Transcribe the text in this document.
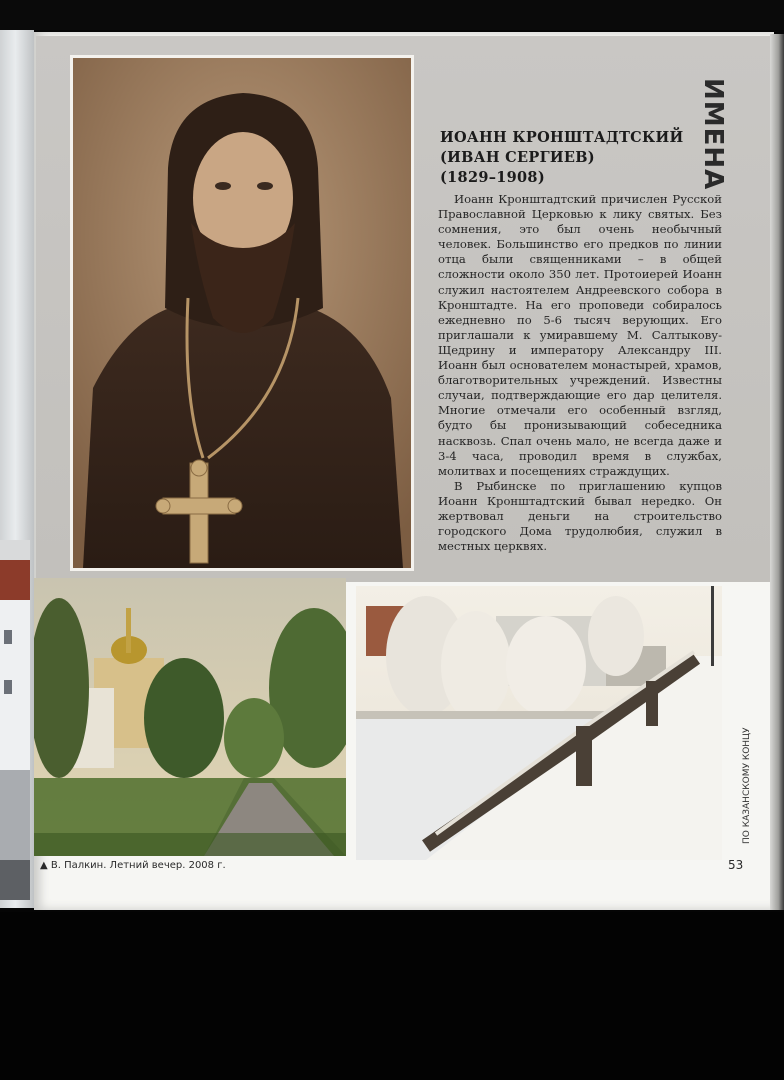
ИМЕНА
ИОАНН КРОНШТАДТСКИЙ
(ИВАН СЕРГИЕВ)
(1829–1908)

Иоанн Кронштадтский причислен Русской Православной Церковью к лику святых. Без сомнения, это был очень необычный человек. Большинство его предков по линии отца были священниками – в общей сложности около 350 лет. Протоиерей Иоанн служил настоятелем Андреевского собора в Кронштадте. На его проповеди собиралось ежедневно по 5-6 тысяч верующих. Его приглашали к умиравшему М. Салтыкову-Щедрину и императору Александру III. Иоанн был основателем монастырей, храмов, благотворительных учреждений. Известны случаи, подтверждающие его дар целителя. Многие отмечали его особенный взгляд, будто бы пронизывающий собеседника насквозь. Спал очень мало, не всегда даже и 3-4 часа, проводил время в службах, молитвах и посещениях страждущих.

В Рыбинске по приглашению купцов Иоанн Кронштадтский бывал нередко. Он жертвовал деньги на строительство городского Дома трудолюбия, служил в местных церквях.

▲ В. Палкин. Летний вечер. 2008 г.	53
ПО КАЗАНСКОМУ КОНЦУ
